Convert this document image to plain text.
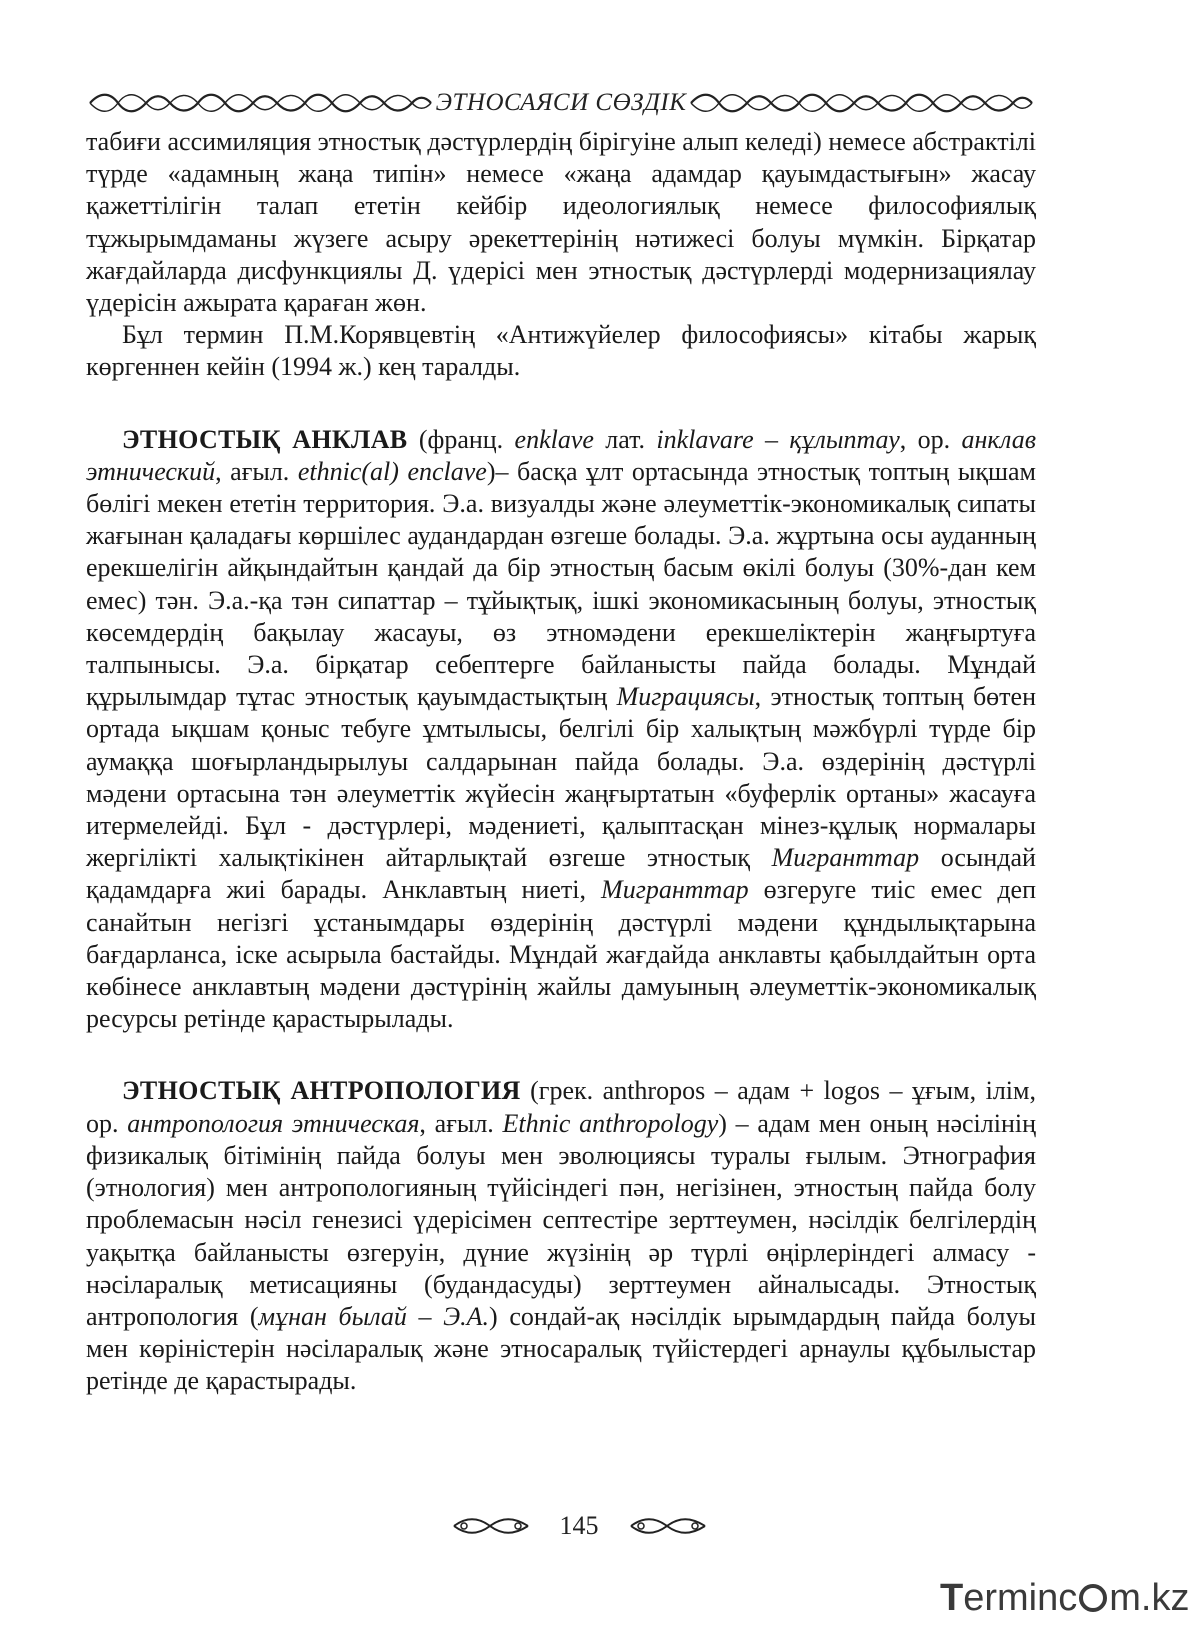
ЭТНОСАЯСИ СӨЗДІК

табиғи ассимиляция этностық дәстүрлердің бірігуіне алып келеді) немесе абстрактілі түрде «адамның жаңа типін» немесе «жаңа адамдар қауымдастығын» жасау қажеттілігін талап ететін кейбір идеологиялық немесе философиялық тұжырымдаманы жүзеге асыру әрекеттерінің нәтижесі болуы мүмкін. Бірқатар жағдайларда дисфункциялы Д. үдерісі мен этностық дәстүрлерді модернизациялау үдерісін ажырата қараған жөн.

Бұл термин П.М.Корявцевтің «Антижүйелер философиясы» кітабы жарық көргеннен кейін (1994 ж.) кең таралды.

ЭТНОСТЫҚ АНКЛАВ (франц. enklave лат. inklavare – құлыптау, ор. анклав этнический, ағыл. ethnic(al) enclave)– басқа ұлт ортасында этностық топтың ықшам бөлігі мекен ететін территория. Э.а. визуалды және әлеуметтік-экономикалық сипаты жағынан қаладағы көршілес аудандардан өзгеше болады. Э.а. жұртына осы ауданның ерекшелігін айқындайтын қандай да бір этностың басым өкілі болуы (30%-дан кем емес) тән. Э.а.-қа тән сипаттар – тұйықтық, ішкі экономикасының болуы, этностық көсемдердің бақылау жасауы, өз этномәдени ерекшеліктерін жаңғыртуға талпынысы. Э.а. бірқатар себептерге байланысты пайда болады. Мұндай құрылымдар тұтас этностық қауымдастықтың Миграциясы, этностық топтың бөтен ортада ықшам қоныс тебуге ұмтылысы, белгілі бір халықтың мәжбүрлі түрде бір аумаққа шоғырландырылуы салдарынан пайда болады. Э.а. өздерінің дәстүрлі мәдени ортасына тән әлеуметтік жүйесін жаңғыртатын «буферлік ортаны» жасауға итермелейді. Бұл - дәстүрлері, мәдениеті, қалыптасқан мінез-құлық нормалары жергілікті халықтікінен айтарлықтай өзгеше этностық Мигранттар осындай қадамдарға жиі барады. Анклавтың ниеті, Мигранттар өзгеруге тиіс емес деп санайтын негізгі ұстанымдары өздерінің дәстүрлі мәдени құндылықтарына бағдарланса, іске асырыла бастайды. Мұндай жағдайда анклавты қабылдайтын орта көбінесе анклавтың мәдени дәстүрінің жайлы дамуының әлеуметтік-экономикалық ресурсы ретінде қарастырылады.

ЭТНОСТЫҚ АНТРОПОЛОГИЯ (грек. anthropos – адам + logos – ұғым, ілім, ор. антропология этническая, ағыл. Ethnic anthropology) – адам мен оның нәсілінің физикалық бітімінің пайда болуы мен эволюциясы туралы ғылым. Этнография (этнология) мен антропологияның түйісіндегі пән, негізінен, этностың пайда болу проблемасын нәсіл генезисі үдерісімен септестіре зерттеумен, нәсілдік белгілердің уақытқа байланысты өзгеруін, дүние жүзінің әр түрлі өңірлеріндегі алмасу - нәсіларалық метисацияны (будандасуды) зерттеумен айналысады. Этностық антропология (мұнан былай – Э.А.) сондай-ақ нәсілдік ырымдардың пайда болуы мен көріністерін нәсіларалық және этносаралық түйістердегі арнаулы құбылыстар ретінде де қарастырады.

145
Terminc m.kz
